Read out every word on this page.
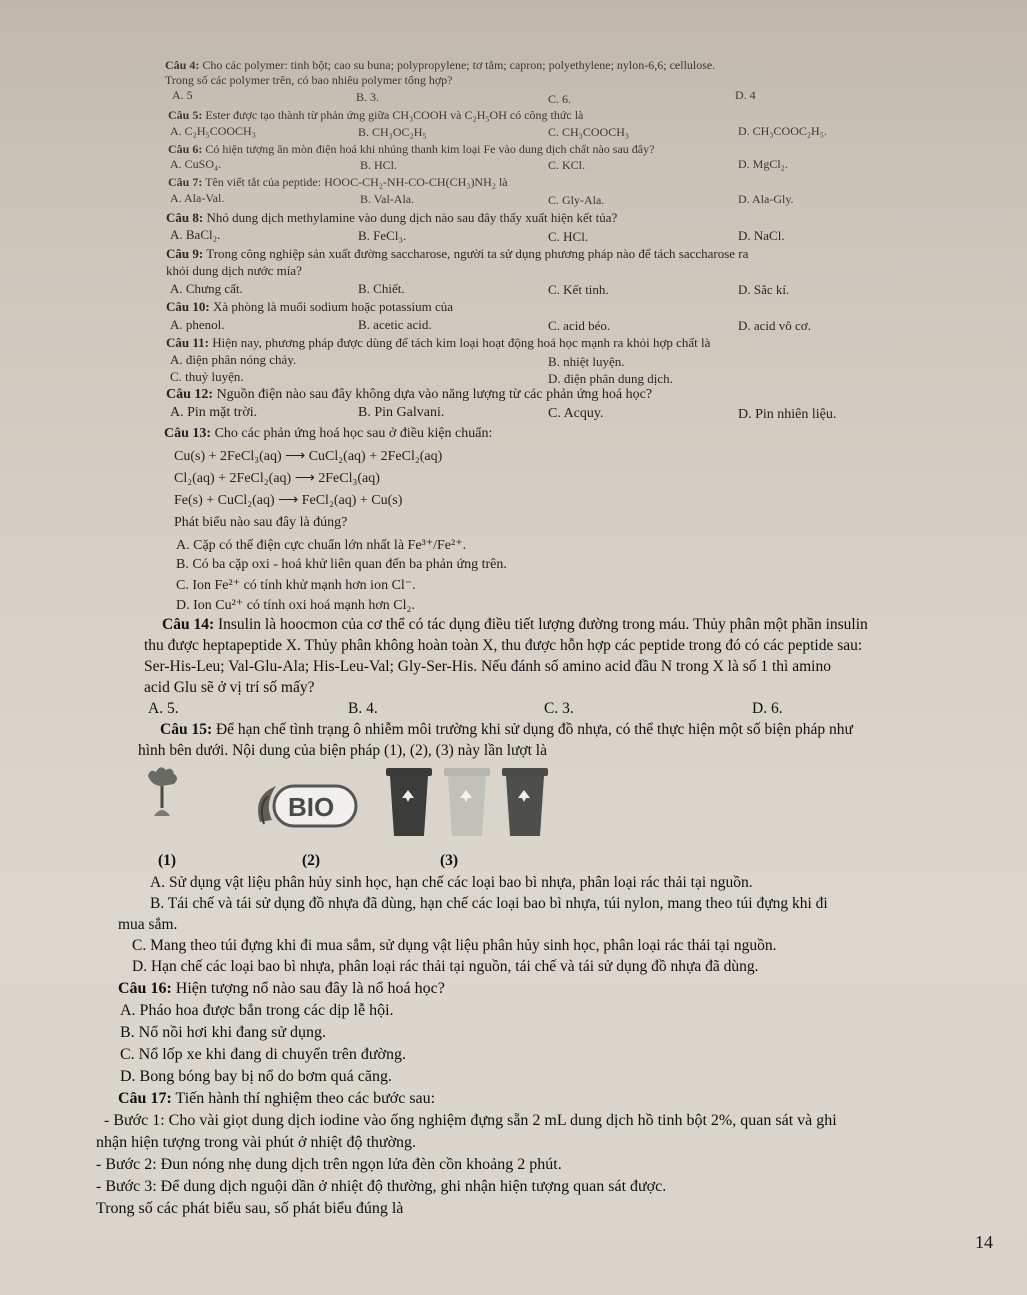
Câu 4: Cho các polymer: tinh bột; cao su buna; polypropylene; tơ tằm; capron; polyethylene; nylon-6,6; cellulose.
Trong số các polymer trên, có bao nhiêu polymer tổng hợp?
A. 5	B. 3.	C. 6.	D. 4
Câu 5: Ester được tạo thành từ phản ứng giữa CH₃COOH và C₂H₅OH có công thức là
A. C₂H₅COOCH₃	B. CH₃OC₂H₅	C. CH₃COOCH₃	D. CH₃COOC₂H₅.
Câu 6: Có hiện tượng ăn mòn điện hoá khi nhúng thanh kim loại Fe vào dung dịch chất nào sau đây?
A. CuSO₄.	B. HCl.	C. KCl.	D. MgCl₂.
Câu 7: Tên viết tắt của peptide: HOOC-CH₂-NH-CO-CH(CH₃)NH₂ là
A. Ala-Val.	B. Val-Ala.	C. Gly-Ala.	D. Ala-Gly.
Câu 8: Nhỏ dung dịch methylamine vào dung dịch nào sau đây thấy xuất hiện kết tủa?
A. BaCl₂.	B. FeCl₃.	C. HCl.	D. NaCl.
Câu 9: Trong công nghiệp sản xuất đường saccharose, người ta sử dụng phương pháp nào để tách saccharose ra
khỏi dung dịch nước mía?
A. Chưng cất.	B. Chiết.	C. Kết tinh.	D. Sắc kí.
Câu 10: Xà phòng là muối sodium hoặc potassium của
A. phenol.	B. acetic acid.	C. acid béo.	D. acid vô cơ.
Câu 11: Hiện nay, phương pháp được dùng để tách kim loại hoạt động hoá học mạnh ra khỏi hợp chất là
A. điện phân nóng chảy.	B. nhiệt luyện.
C. thuỷ luyện.	D. điện phân dung dịch.
Câu 12: Nguồn điện nào sau đây không dựa vào năng lượng từ các phản ứng hoá học?
A. Pin mặt trời.	B. Pin Galvani.	C. Acquy.	D. Pin nhiên liệu.
Câu 13: Cho các phản ứng hoá học sau ở điều kiện chuẩn:
Cu(s) + 2FeCl₃(aq) ⟶ CuCl₂(aq) + 2FeCl₂(aq)
Cl₂(aq) + 2FeCl₂(aq) ⟶ 2FeCl₃(aq)
Fe(s) + CuCl₂(aq) ⟶ FeCl₂(aq) + Cu(s)
Phát biểu nào sau đây là đúng?
A. Cặp có thế điện cực chuẩn lớn nhất là Fe³⁺/Fe²⁺.
B. Có ba cặp oxi - hoá khử liên quan đến ba phản ứng trên.
C. Ion Fe²⁺ có tính khử mạnh hơn ion Cl⁻.
D. Ion Cu²⁺ có tính oxi hoá mạnh hơn Cl₂.
Câu 14: Insulin là hoocmon của cơ thể có tác dụng điều tiết lượng đường trong máu. Thủy phân một phần insulin
thu được heptapeptide X. Thủy phân không hoàn toàn X, thu được hỗn hợp các peptide trong đó có các peptide sau:
Ser-His-Leu; Val-Glu-Ala; His-Leu-Val; Gly-Ser-His. Nếu đánh số amino acid đầu N trong X là số 1 thì amino
acid Glu sẽ ở vị trí số mấy?
A. 5.	B. 4.	C. 3.	D. 6.
Câu 15: Để hạn chế tình trạng ô nhiễm môi trường khi sử dụng đồ nhựa, có thể thực hiện một số biện pháp như
hình bên dưới. Nội dung của biện pháp (1), (2), (3) này lần lượt là
BIO
(1)	(2)	(3)
A. Sử dụng vật liệu phân hủy sinh học, hạn chế các loại bao bì nhựa, phân loại rác thải tại nguồn.
B. Tái chế và tái sử dụng đồ nhựa đã dùng, hạn chế các loại bao bì nhựa, túi nylon, mang theo túi đựng khi đi
mua sắm.
C. Mang theo túi đựng khi đi mua sắm, sử dụng vật liệu phân hủy sinh học, phân loại rác thải tại nguồn.
D. Hạn chế các loại bao bì nhựa, phân loại rác thải tại nguồn, tái chế và tái sử dụng đồ nhựa đã dùng.
Câu 16: Hiện tượng nổ nào sau đây là nổ hoá học?
A. Pháo hoa được bắn trong các dịp lễ hội.
B. Nổ nồi hơi khi đang sử dụng.
C. Nổ lốp xe khi đang di chuyển trên đường.
D. Bong bóng bay bị nổ do bơm quá căng.
Câu 17: Tiến hành thí nghiệm theo các bước sau:
- Bước 1: Cho vài giọt dung dịch iodine vào ống nghiệm đựng sẵn 2 mL dung dịch hồ tinh bột 2%, quan sát và ghi
nhận hiện tượng trong vài phút ở nhiệt độ thường.
- Bước 2: Đun nóng nhẹ dung dịch trên ngọn lửa đèn cồn khoảng 2 phút.
- Bước 3: Để dung dịch nguội dần ở nhiệt độ thường, ghi nhận hiện tượng quan sát được.
Trong số các phát biểu sau, số phát biểu đúng là
14
